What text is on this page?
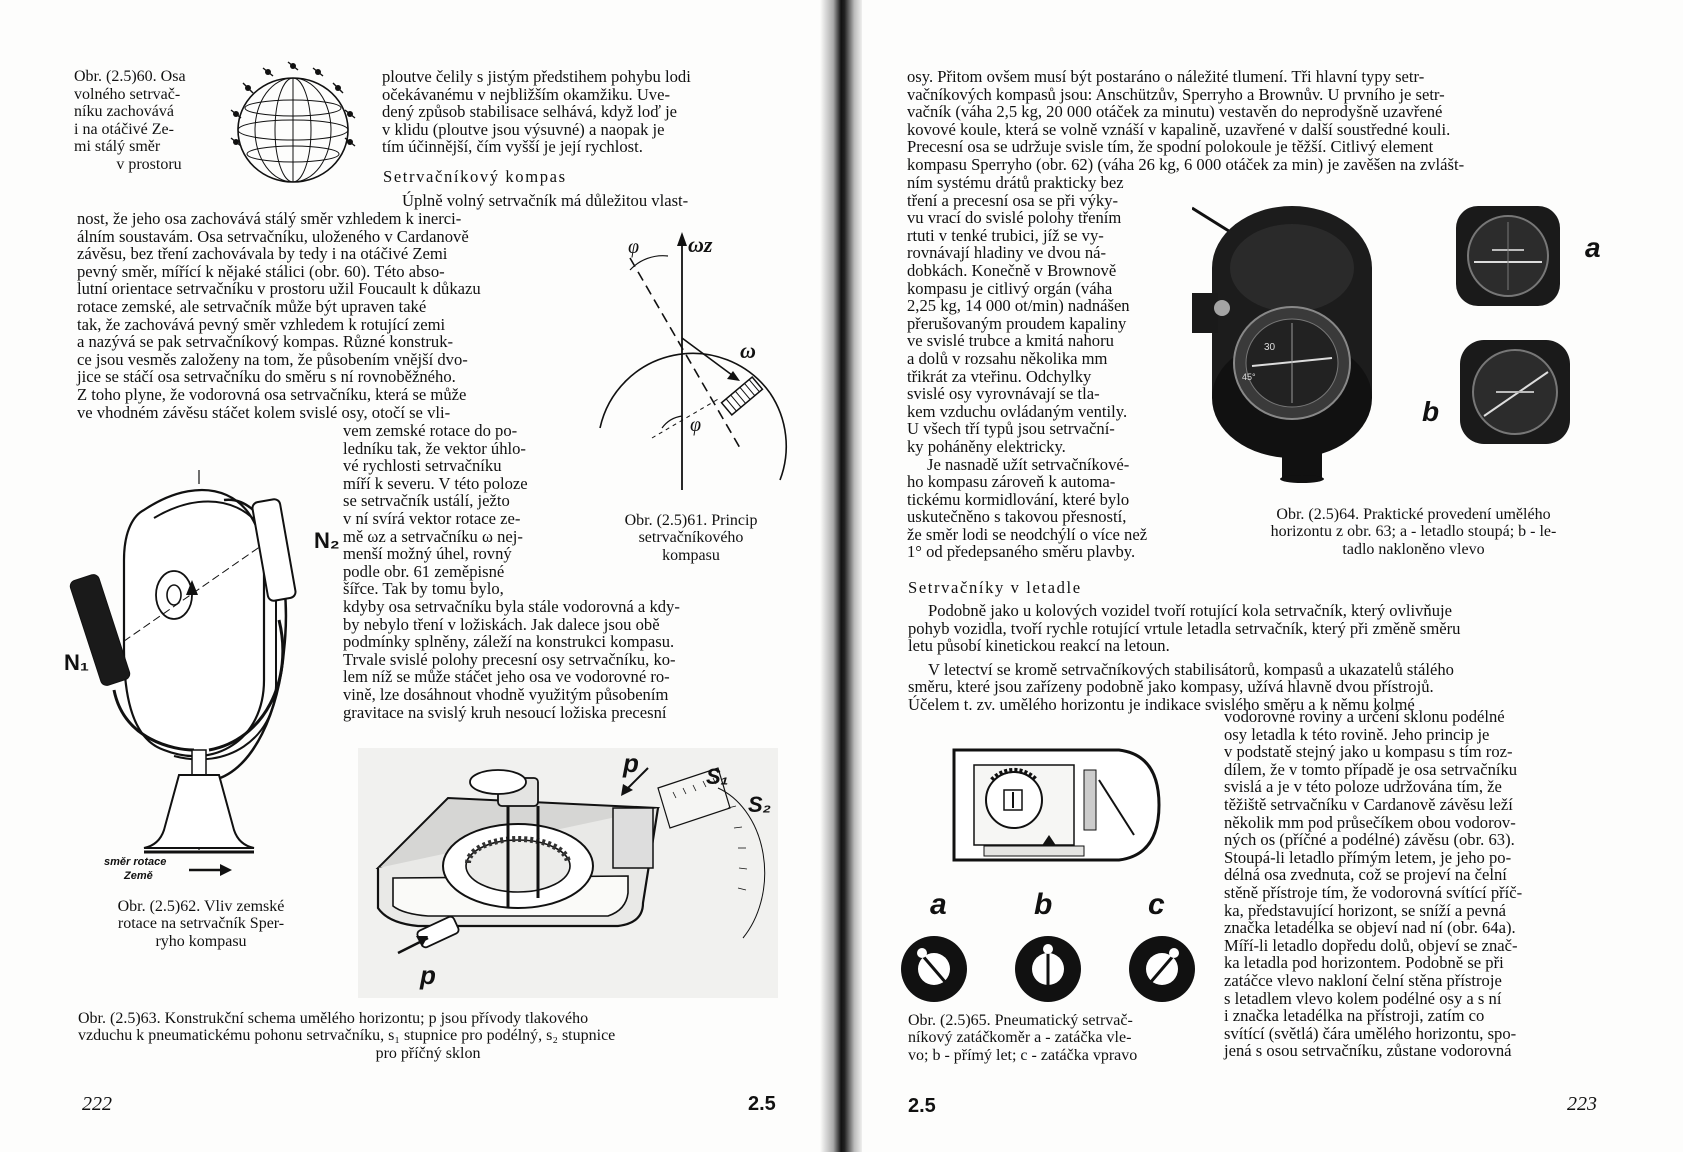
Obr. (2.5)60. Osa
volného setrvač-
níku zachovává
i na otáčivé Ze-
mi stálý směr
v prostoru
ploutve čelily s jistým předstihem pohybu lodi
očekávanému v nejbližším okamžiku. Uve-
dený způsob stabilisace selhává, když loď je
v klidu (ploutve jsou výsuvné) a naopak je
tím účinnější, čím vyšší je její rychlost.
Setrvačníkový kompas
Úplně volný setrvačník má důležitou vlast-
nost, že jeho osa zachovává stálý směr vzhledem k inerci-
álním soustavám. Osa setrvačníku, uloženého v Cardanově
závěsu, bez tření zachovávala by tedy i na otáčivé Zemi
pevný směr, mířící k nějaké stálici (obr. 60). Této abso-
lutní orientace setrvačníku v prostoru užil Foucault k důkazu
rotace zemské, ale setrvačník může být upraven také
tak, že zachovává pevný směr vzhledem k rotující zemi
a nazývá se pak setrvačníkový kompas. Různé konstruk-
ce jsou vesměs založeny na tom, že působením vnější dvo-
jice se stáčí osa setrvačníku do směru s ní rovnoběžného.
Z toho plyne, že vodorovná osa setrvačníku, která se může
ve vhodném závěsu stáčet kolem svislé osy, otočí se vli-
ωz
φ
ω
φ
N₁
N₂
směr rotace
Země
vem zemské rotace do po-
ledníku tak, že vektor úhlo-
vé rychlosti setrvačníku
míří k severu. V této poloze
se setrvačník ustálí, ježto
v ní svírá vektor rotace ze-
mě ωz a setrvačníku ω nej-
menší možný úhel, rovný
podle obr. 61 zeměpisné
šířce. Tak by tomu bylo,
Obr. (2.5)61. Princip
setrvačníkového
kompasu
kdyby osa setrvačníku byla stále vodorovná a kdy-
by nebylo tření v ložiskách. Jak dalece jsou obě
podmínky splněny, záleží na konstrukci kompasu.
Trvale svislé polohy precesní osy setrvačníku, ko-
lem níž se může stáčet jeho osa ve vodorovné ro-
vině, lze dosáhnout vhodně využitým působením
gravitace na svislý kruh nesoucí ložiska precesní
Obr. (2.5)62. Vliv zemské
rotace na setrvačník Sper-
ryho kompasu
p	S₁
S₂
p
Obr. (2.5)63. Konstrukční schema umělého horizontu; p jsou přívody tlakového
vzduchu k pneumatickému pohonu setrvačníku, s₁ stupnice pro podélný, s₂ stupnice
pro příčný sklon
222	2.5
osy. Přitom ovšem musí být postaráno o náležité tlumení. Tři hlavní typy setr-
vačníkových kompasů jsou: Anschützův, Sperryho a Brownův. U prvního je setr-
vačník (váha 2,5 kg, 20 000 otáček za minutu) vestavěn do neprodyšně uzavřené
kovové koule, která se volně vznáší v kapalině, uzavřené v další soustředné kouli.
Precesní osa se udržuje svisle tím, že spodní polokoule je těžší. Citlivý element
kompasu Sperryho (obr. 62) (váha 26 kg, 6 000 otáček za min) je zavěšen na zvlášt-
ním systému drátů prakticky bez
tření a precesní osa se při výky-
vu vrací do svislé polohy třením
rtuti v tenké trubici, jíž se vy-
rovnávají hladiny ve dvou ná-
dobkách. Konečně v Brownově
kompasu je citlivý orgán (váha
2,25 kg, 14 000 ot/min) nadnášen
přerušovaným proudem kapaliny
ve svislé trubce a kmitá nahoru
a dolů v rozsahu několika mm
třikrát za vteřinu. Odchylky
svislé osy vyrovnávají se tla-
kem vzduchu ovládaným ventily.
U všech tří typů jsou setrvační-
ky poháněny elektricky.
Je nasnadě užít setrvačníkové-
ho kompasu zároveň k automa-
tickému kormidlování, které bylo
uskutečněno s takovou přesností,
že směr lodi se neodchýlí o více než
1° od předepsaného směru plavby.
30
45°
a
b
Obr. (2.5)64. Praktické provedení umělého
horizontu z obr. 63; a - letadlo stoupá; b - le-
tadlo nakloněno vlevo
Setrvačníky v letadle
Podobně jako u kolových vozidel tvoří rotující kola setrvačník, který ovlivňuje
pohyb vozidla, tvoří rychle rotující vrtule letadla setrvačník, který při změně směru
letu působí kinetickou reakcí na letoun.
V letectví se kromě setrvačníkových stabilisátorů, kompasů a ukazatelů stálého
směru, které jsou zařízeny podobně jako kompasy, užívá hlavně dvou přístrojů.
Účelem t. zv. umělého horizontu je indikace svislého směru a k němu kolmé
a	b	c
Obr. (2.5)65. Pneumatický setrvač-
níkový zatáčkoměr a - zatáčka vle-
vo; b - přímý let; c - zatáčka vpravo
vodorovné roviny a určení sklonu podélné
osy letadla k této rovině. Jeho princip je
v podstatě stejný jako u kompasu s tím roz-
dílem, že v tomto případě je osa setrvačníku
svislá a je v této poloze udržována tím, že
těžiště setrvačníku v Cardanově závěsu leží
několik mm pod průsečíkem obou vodorov-
ných os (příčné a podélné) závěsu (obr. 63).
Stoupá-li letadlo přímým letem, je jeho po-
délná osa zvednuta, což se projeví na čelní
stěně přístroje tím, že vodorovná svítící příč-
ka, představující horizont, se sníží a pevná
značka letadélka se objeví nad ní (obr. 64a).
Míří-li letadlo dopředu dolů, objeví se znač-
ka letadla pod horizontem. Podobně se při
zatáčce vlevo nakloní čelní stěna přístroje
s letadlem vlevo kolem podélné osy a s ní
i značka letadélka na přístroji, zatím co
svítící (světlá) čára umělého horizontu, spo-
jená s osou setrvačníku, zůstane vodorovná
2.5	223
